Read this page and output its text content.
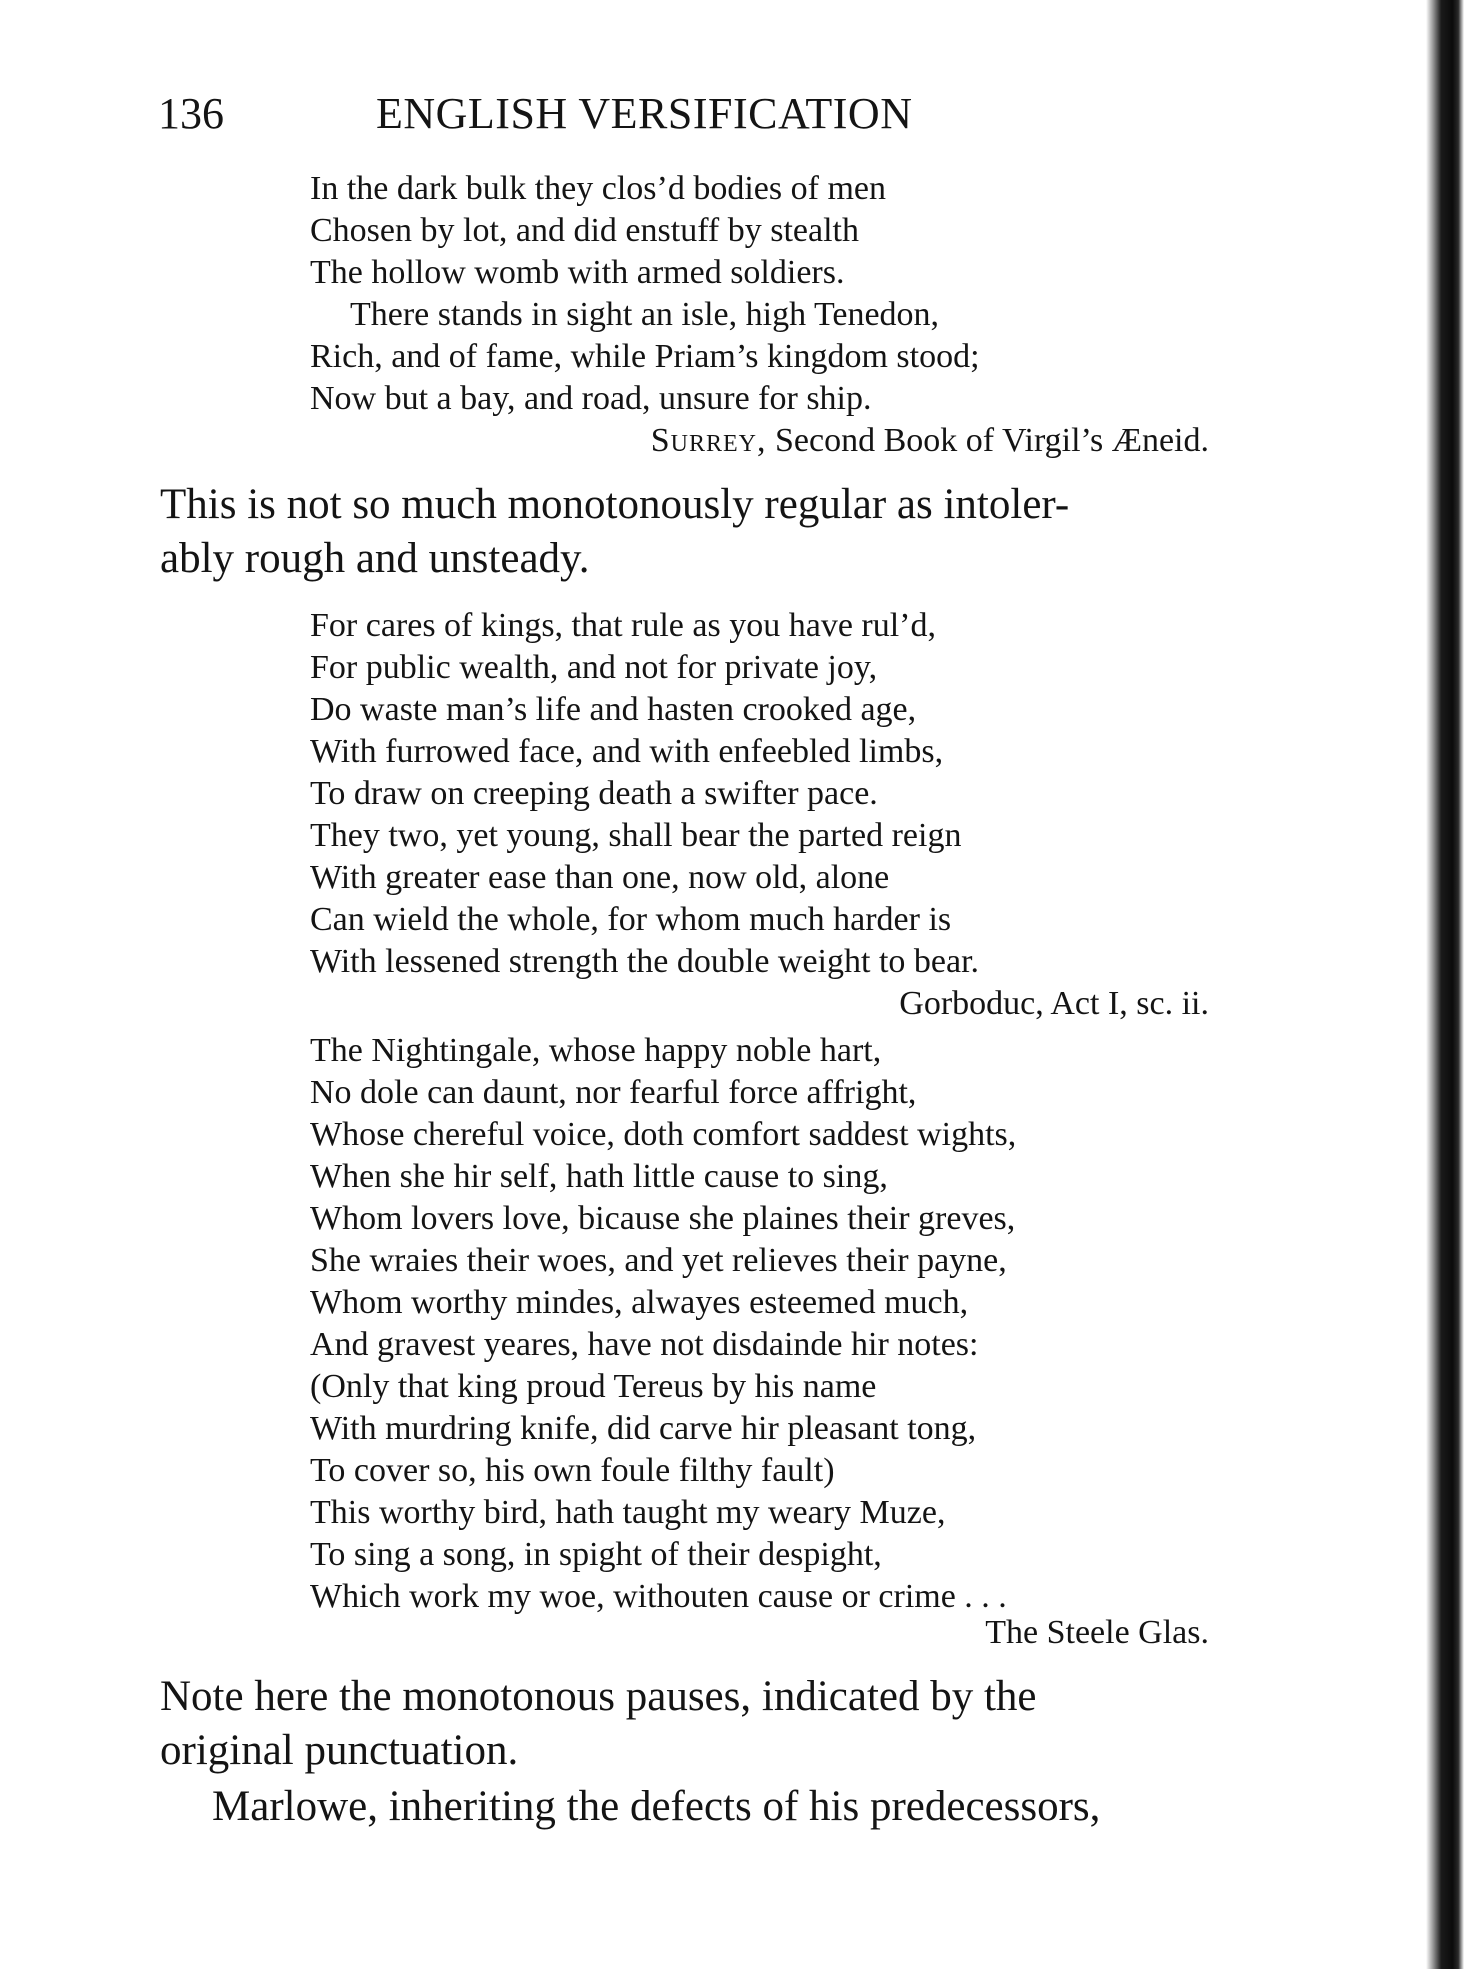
136	ENGLISH VERSIFICATION
In the dark bulk they clos’d bodies of men
Chosen by lot, and did enstuff by stealth
The hollow womb with armed soldiers.
There stands in sight an isle, high Tenedon,
Rich, and of fame, while Priam’s kingdom stood;
Now but a bay, and road, unsure for ship.
Surrey, Second Book of Virgil’s Æneid.
This is not so much monotonously regular as intoler-
ably rough and unsteady.
For cares of kings, that rule as you have rul’d,
For public wealth, and not for private joy,
Do waste man’s life and hasten crooked age,
With furrowed face, and with enfeebled limbs,
To draw on creeping death a swifter pace.
They two, yet young, shall bear the parted reign
With greater ease than one, now old, alone
Can wield the whole, for whom much harder is
With lessened strength the double weight to bear.
Gorboduc, Act I, sc. ii.
The Nightingale, whose happy noble hart,
No dole can daunt, nor fearful force affright,
Whose chereful voice, doth comfort saddest wights,
When she hir self, hath little cause to sing,
Whom lovers love, bicause she plaines their greves,
She wraies their woes, and yet relieves their payne,
Whom worthy mindes, alwayes esteemed much,
And gravest yeares, have not disdainde hir notes:
(Only that king proud Tereus by his name
With murdring knife, did carve hir pleasant tong,
To cover so, his own foule filthy fault)
This worthy bird, hath taught my weary Muze,
To sing a song, in spight of their despight,
Which work my woe, withouten cause or crime . . .
The Steele Glas.
Note here the monotonous pauses, indicated by the
original punctuation.
Marlowe, inheriting the defects of his predecessors,
